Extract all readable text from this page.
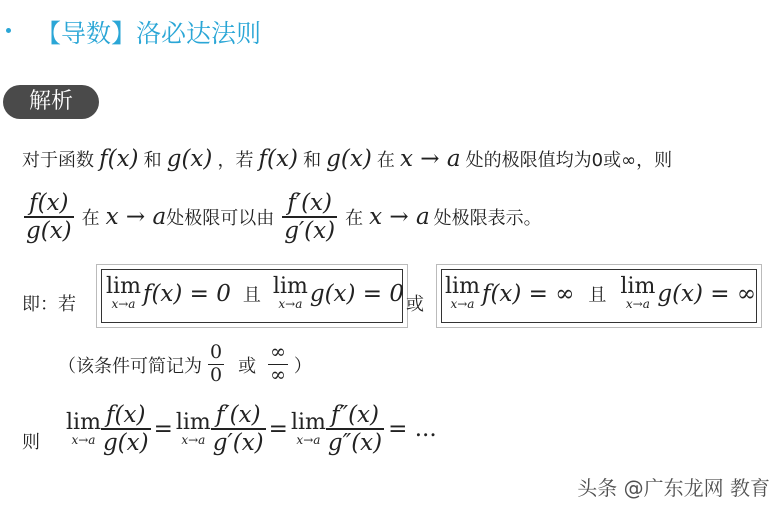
【导数】洛必达法则
解析
对于函数 f(x) 和 g(x) ，若 f(x) 和 g(x) 在 x → a 处的极限值均为0或∞，则
$\frac{f(x)}{g(x)}$ 在 x → a 处极限可以由 $\frac{f'(x)}{g'(x)}$ 在 x → a 处极限表示。
即：若
lim
x→a f(x) = 0 且 lim
x→a g(x) = 0 或
lim
x→a f(x) = ∞ 且 lim
x→a g(x) = ∞
（该条件可简记为 $\frac{0}{0}$ 或 $\frac{\infty}{\infty}$ ）
则
lim
$x\to a \frac{f(x)}{g(x)} = \lim$
$x\to a \frac{f'(x)}{g'(x)} = \lim$
$x\to a \frac{f''(x)}{g''(x)}$ = ...
头条 @广东龙网 教育
